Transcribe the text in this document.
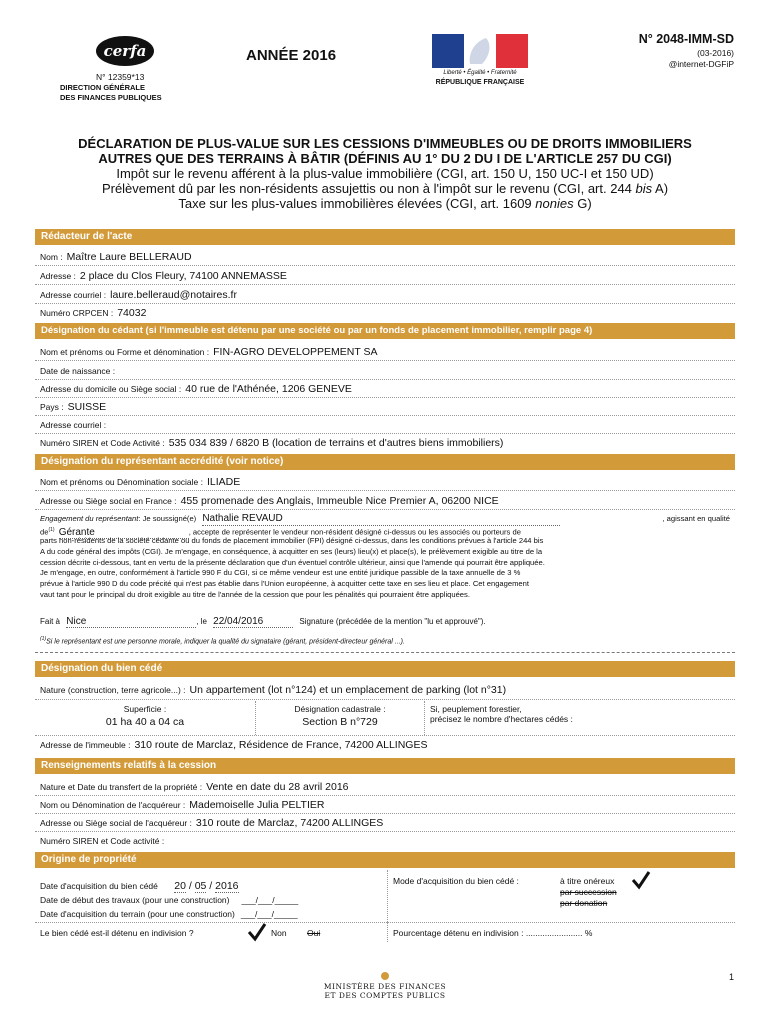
cerfa
N° 12359*13
DIRECTION GÉNÉRALE
DES FINANCES PUBLIQUES
ANNÉE 2016
Liberté • Égalité • Fraternité
RÉPUBLIQUE FRANÇAISE
N° 2048-IMM-SD
(03-2016)
@internet-DGFiP
DÉCLARATION DE PLUS-VALUE SUR LES CESSIONS D'IMMEUBLES OU DE DROITS IMMOBILIERS
AUTRES QUE DES TERRAINS À BÂTIR (DÉFINIS AU 1° DU 2 DU I DE L'ARTICLE 257 DU CGI)
Impôt sur le revenu afférent à la plus-value immobilière (CGI, art. 150 U, 150 UC-I et 150 UD)
Prélèvement dû par les non-résidents assujettis ou non à l'impôt sur le revenu (CGI, art. 244 bis A)
Taxe sur les plus-values immobilières élevées (CGI, art. 1609 nonies G)
Rédacteur de l'acte
Nom : Maître Laure BELLERAUD
Adresse : 2 place du Clos Fleury, 74100 ANNEMASSE
Adresse courriel : laure.belleraud@notaires.fr
Numéro CRPCEN : 74032
Désignation du cédant (si l'immeuble est détenu par une société ou par un fonds de placement immobilier, remplir page 4)
Nom et prénoms ou Forme et dénomination : FIN-AGRO DEVELOPPEMENT SA
Date de naissance :
Adresse du domicile ou Siège social : 40 rue de l'Athénée, 1206 GENEVE
Pays : SUISSE
Adresse courriel :
Numéro SIREN et Code Activité : 535 034 839 / 6820 B (location de terrains et d'autres biens immobiliers)
Désignation du représentant accrédité (voir notice)
Nom et prénoms ou Dénomination sociale : ILIADE
Adresse ou Siège social en France : 455 promenade des Anglais, Immeuble Nice Premier A, 06200 NICE
Engagement du représentant: Je soussigné(e) Nathalie REVAUD	, agissant en qualité
$de^{(1)}$ Gérante	, accepte de représenter le vendeur non-résident désigné ci-dessus ou les associés ou porteurs de
parts non-résidents de la société cédante ou du fonds de placement immobilier (FPI) désigné ci-dessus, dans les conditions prévues à l'article 244 bis
A du code général des impôts (CGI). Je m'engage, en conséquence, à acquitter en ses (leurs) lieu(x) et place(s), le prélèvement exigible au titre de la
cession décrite ci-dessous, tant en vertu de la présente déclaration que d'un éventuel contrôle ultérieur, ainsi que l'amende qui pourrait être appliquée.
Je m'engage, en outre, conformément à l'article 990 F du CGI, si ce même vendeur est une entité juridique passible de la taxe annuelle de 3 %
prévue à l'article 990 D du code précité qui n'est pas établie dans l'Union européenne, à acquitter cette taxe en ses lieu et place. Cet engagement
vaut tant pour le principal du droit exigible au titre de l'année de la cession que pour les pénalités qui pourraient être appliquées.
Fait à Nice	, le 22/04/2016	Signature (précédée de la mention "lu et approuvé").
$^{(1)}$Si le représentant est une personne morale, indiquer la qualité du signataire (gérant, président-directeur général ...).
Désignation du bien cédé
Nature (construction, terre agricole...) : Un appartement (lot n°124) et un emplacement de parking (lot n°31)
Superficie :
01 ha 40 a 04 ca
Désignation cadastrale :
Section B n°729
Si, peuplement forestier,
précisez le nombre d'hectares cédés :
Adresse de l'immeuble : 310 route de Marclaz, Résidence de France, 74200 ALLINGES
Renseignements relatifs à la cession
Nature et Date du transfert de la propriété : Vente en date du 28 avril 2016
Nom ou Dénomination de l'acquéreur : Mademoiselle Julia PELTIER
Adresse ou Siège social de l'acquéreur : 310 route de Marclaz, 74200 ALLINGES
Numéro SIREN et Code activité :
Origine de propriété
Date d'acquisition du bien cédé 20 / 05 / 2016
Date de début des travaux (pour une construction) ___/___/_____
Date d'acquisition du terrain (pour une construction) ___/___/_____
Mode d'acquisition du bien cédé :	à titre onéreux
par succession
par donation
Le bien cédé est-il détenu en indivision ?	Non Oui	Pourcentage détenu en indivision : ........................ %
1
MINISTÈRE DES FINANCES
ET DES COMPTES PUBLICS
